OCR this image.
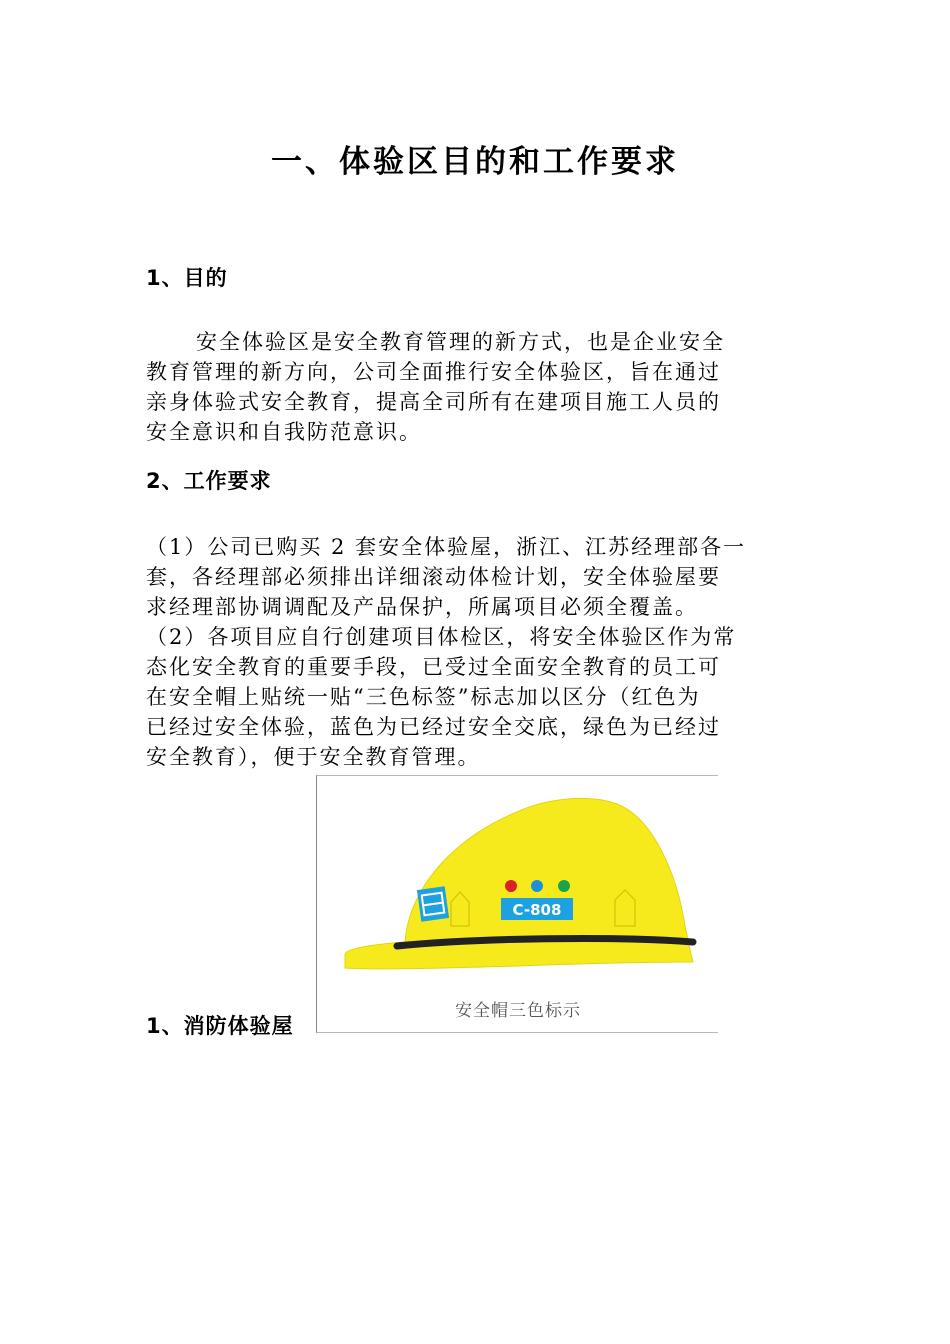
一、体验区目的和工作要求
1、目的

安全体验区是安全教育管理的新方式，也是企业安全
教育管理的新方向，公司全面推行安全体验区，旨在通过
亲身体验式安全教育，提高全司所有在建项目施工人员的
安全意识和自我防范意识。

2、工作要求

（1）公司已购买 2 套安全体验屋，浙江、江苏经理部各一
套，各经理部必须排出详细滚动体检计划，安全体验屋要
求经理部协调调配及产品保护，所属项目必须全覆盖。
（2）各项目应自行创建项目体检区，将安全体验区作为常
态化安全教育的重要手段，已受过全面安全教育的员工可
在安全帽上贴统一贴“三色标签”标志加以区分（红色为
已经过安全体验，蓝色为已经过安全交底，绿色为已经过
安全教育），便于安全教育管理。

1、消防体验屋
C-808
安全帽三色标示
